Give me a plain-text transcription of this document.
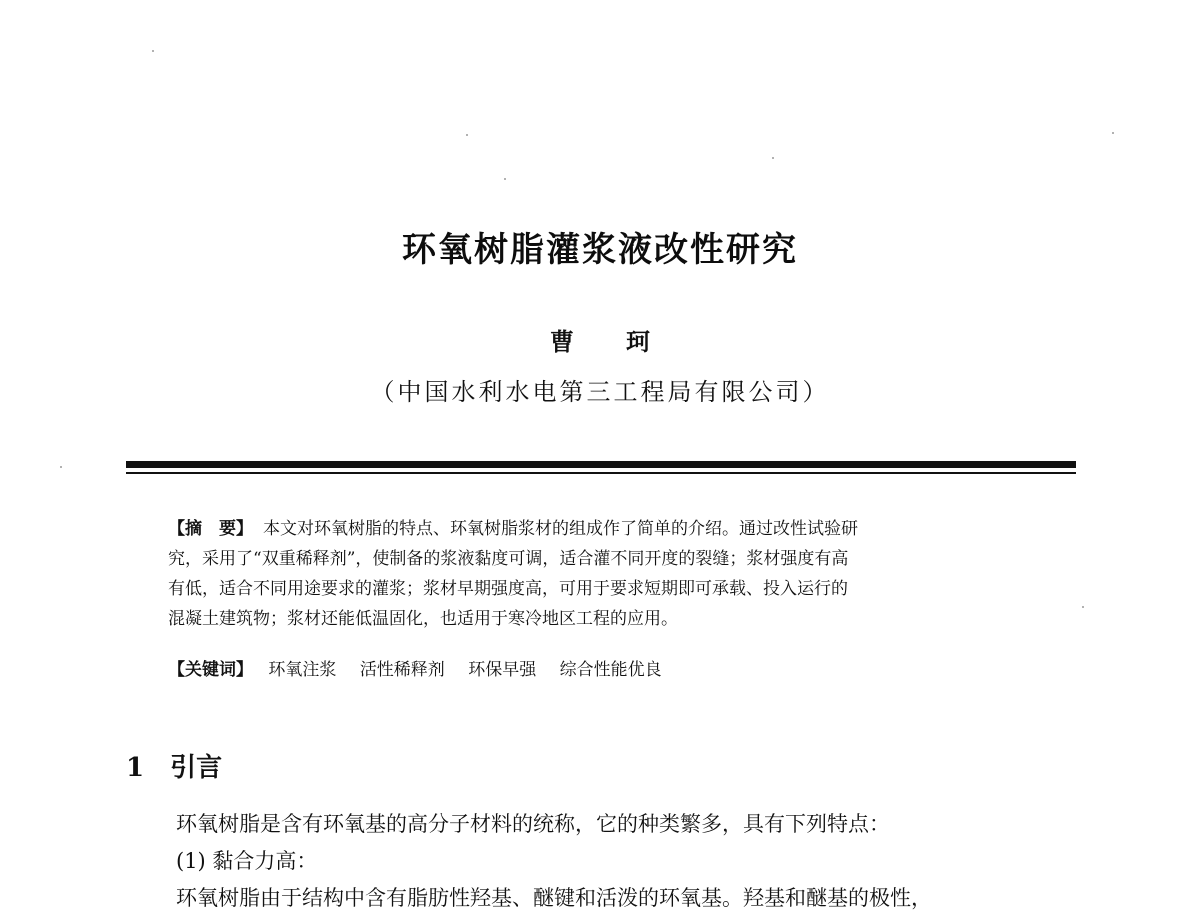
环氧树脂灌浆液改性研究
曹 珂
（中国水利水电第三工程局有限公司）
【摘　要】 本文对环氧树脂的特点、环氧树脂浆材的组成作了简单的介绍。通过改性试验研
究，采用了“双重稀释剂”，使制备的浆液黏度可调，适合灌不同开度的裂缝；浆材强度有高
有低，适合不同用途要求的灌浆；浆材早期强度高，可用于要求短期即可承载、投入运行的
混凝土建筑物；浆材还能低温固化，也适用于寒冷地区工程的应用。
【关键词】 环氧注浆 活性稀释剂 环保早强 综合性能优良
1 引言
环氧树脂是含有环氧基的高分子材料的统称，它的种类繁多，具有下列特点：
(1) 黏合力高：
环氧树脂由于结构中含有脂肪性羟基、醚键和活泼的环氧基。羟基和醚基的极性，
